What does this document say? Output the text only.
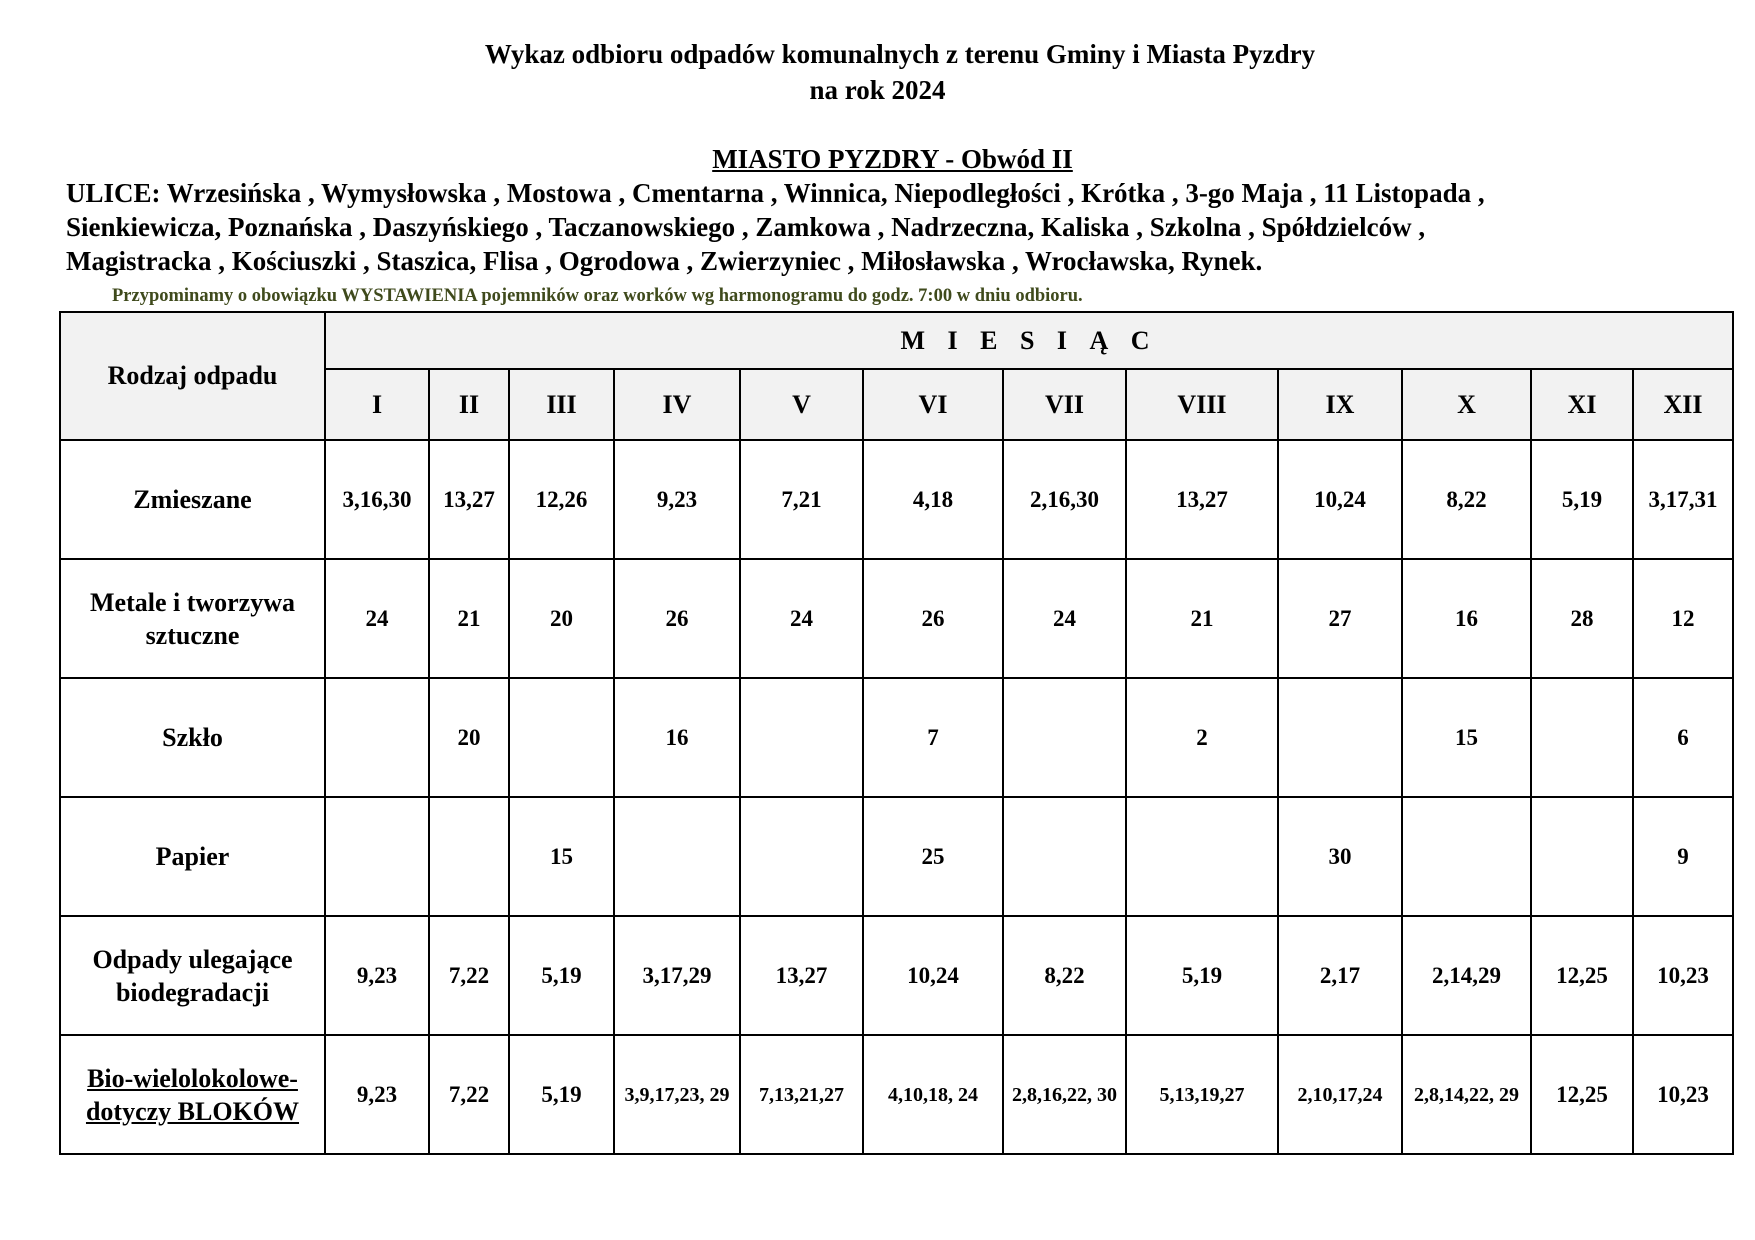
Wykaz odbioru odpadów komunalnych z terenu Gminy i Miasta Pyzdry
na rok 2024
MIASTO PYZDRY - Obwód II
ULICE: Wrzesińska , Wymysłowska , Mostowa , Cmentarna , Winnica, Niepodległości , Krótka , 3-go Maja , 11 Listopada ,
Sienkiewicza, Poznańska , Daszyńskiego , Taczanowskiego , Zamkowa , Nadrzeczna, Kaliska , Szkolna , Spółdzielców ,
Magistracka , Kościuszki , Staszica, Flisa , Ogrodowa , Zwierzyniec , Miłosławska , Wrocławska, Rynek.
Przypominamy o obowiązku WYSTAWIENIA pojemników oraz worków wg harmonogramu do godz. 7:00 w dniu odbioru.
Rodzaj odpadu	M I E S I Ą C											
	I	II	III	IV	V	VI	VII	VIII	IX	X	XI	XII
Zmieszane	3,16,30	13,27	12,26	9,23	7,21	4,18	2,16,30	13,27	10,24	8,22	5,19	3,17,31
Metale i tworzywa sztuczne	24	21	20	26	24	26	24	21	27	16	28	12
Szkło		20		16		7		2		15		6
Papier			15			25			30			9
Odpady ulegające biodegradacji	9,23	7,22	5,19	3,17,29	13,27	10,24	8,22	5,19	2,17	2,14,29	12,25	10,23
Bio-wielolokolowe- dotyczy BLOKÓW	9,23	7,22	5,19	3,9,17,23, 29	7,13,21,27	4,10,18, 24	2,8,16,22, 30	5,13,19,27	2,10,17,24	2,8,14,22, 29	12,25	10,23
